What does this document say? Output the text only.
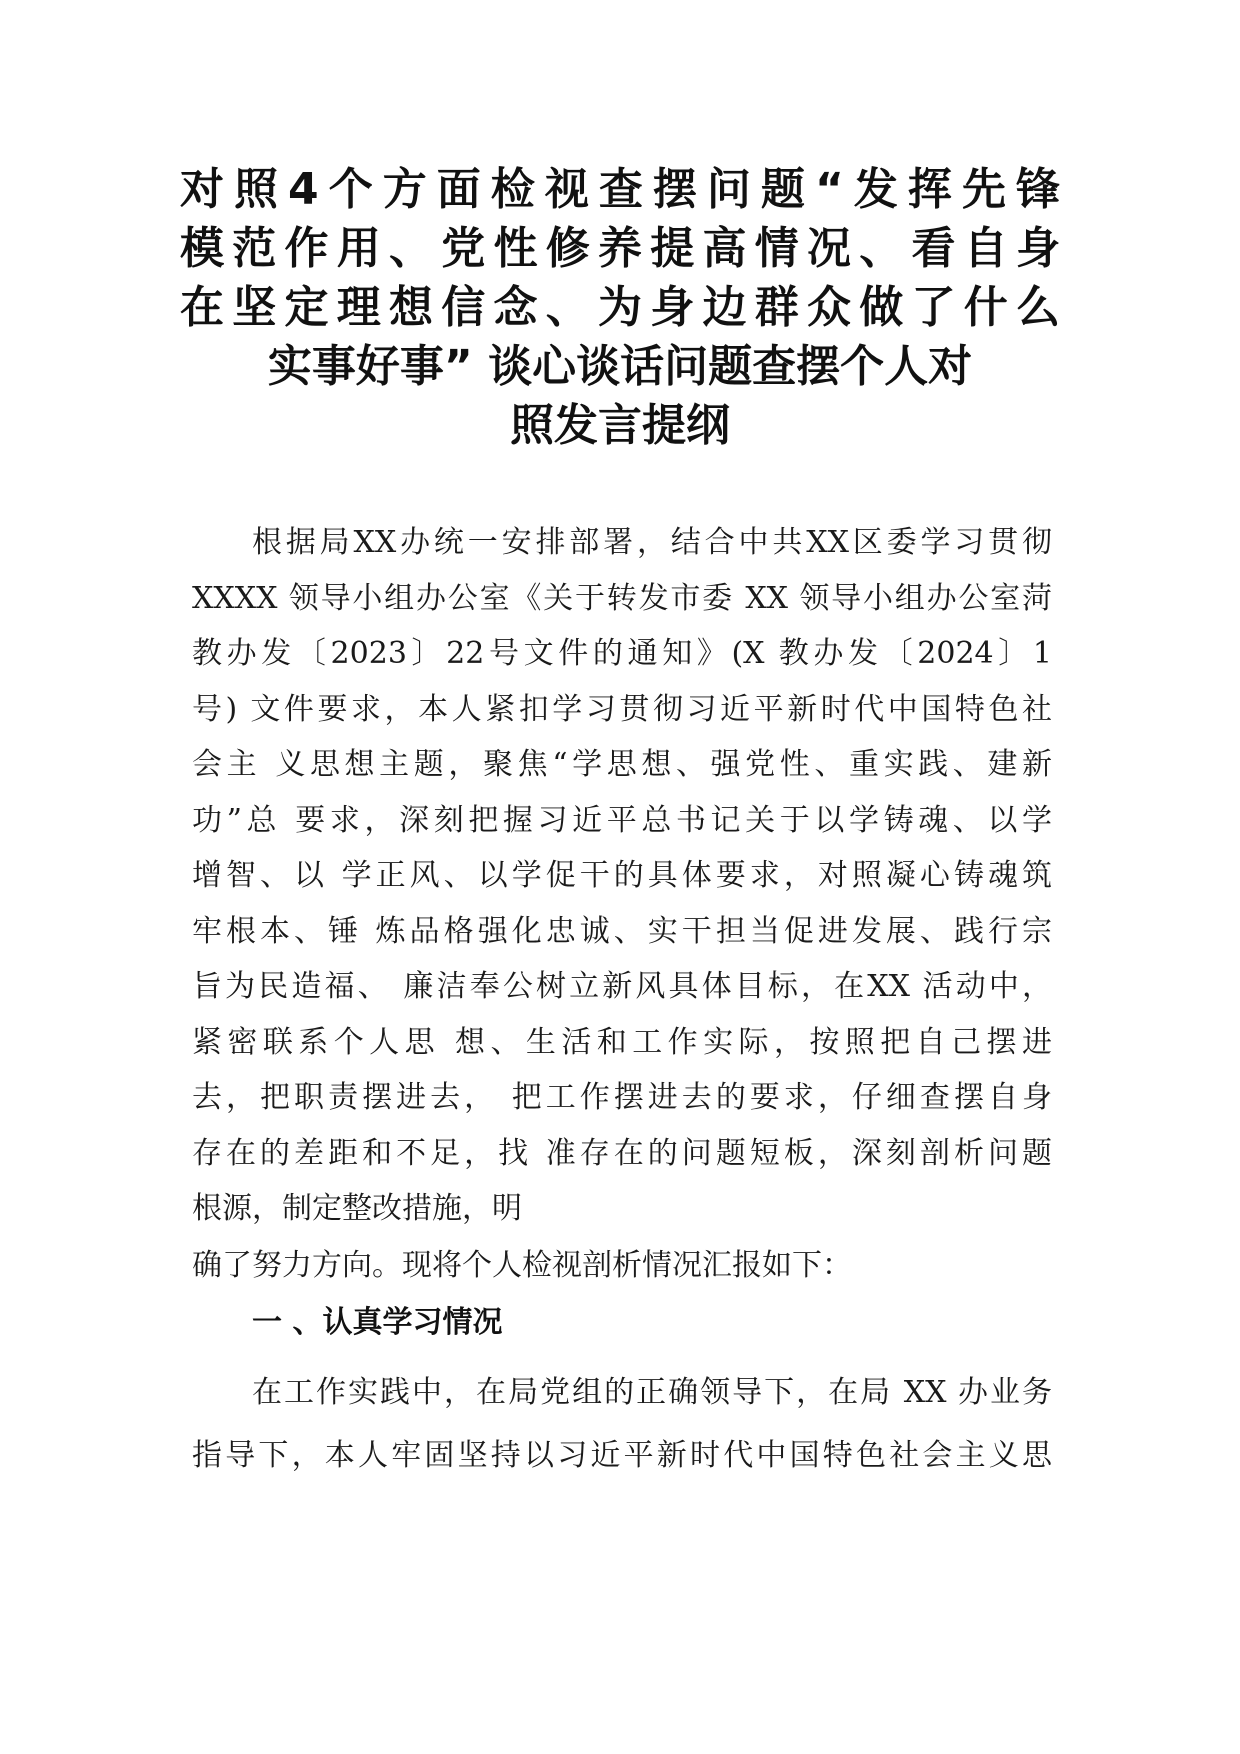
对照4个方面检视查摆问题“发挥先锋
模范作用、党性修养提高情况、看自身
在坚定理想信念、为身边群众做了什么
实事好事” 谈心谈话问题查摆个人对
照发言提纲
根据局XX办统一安排部署，结合中共XX区委学习贯彻
XXXX 领导小组办公室《关于转发市委 XX 领导小组办公室菏
教办发〔2023〕22号文件的通知》(X 教办发〔2024〕1
号) 文件要求，本人紧扣学习贯彻习近平新时代中国特色社
会主 义思想主题，聚焦“学思想、强党性、重实践、建新
功”总 要求，深刻把握习近平总书记关于以学铸魂、以学
增智、以 学正风、以学促干的具体要求，对照凝心铸魂筑
牢根本、锤 炼品格强化忠诚、实干担当促进发展、践行宗
旨为民造福、 廉洁奉公树立新风具体目标，在XX 活动中，
紧密联系个人思 想、生活和工作实际，按照把自己摆进
去，把职责摆进去， 把工作摆进去的要求，仔细查摆自身
存在的差距和不足，找 准存在的问题短板，深刻剖析问题
根源，制定整改措施，明
确了努力方向。现将个人检视剖析情况汇报如下：
一 、认真学习情况
在工作实践中，在局党组的正确领导下，在局 XX 办业务
指导下，本人牢固坚持以习近平新时代中国特色社会主义思
